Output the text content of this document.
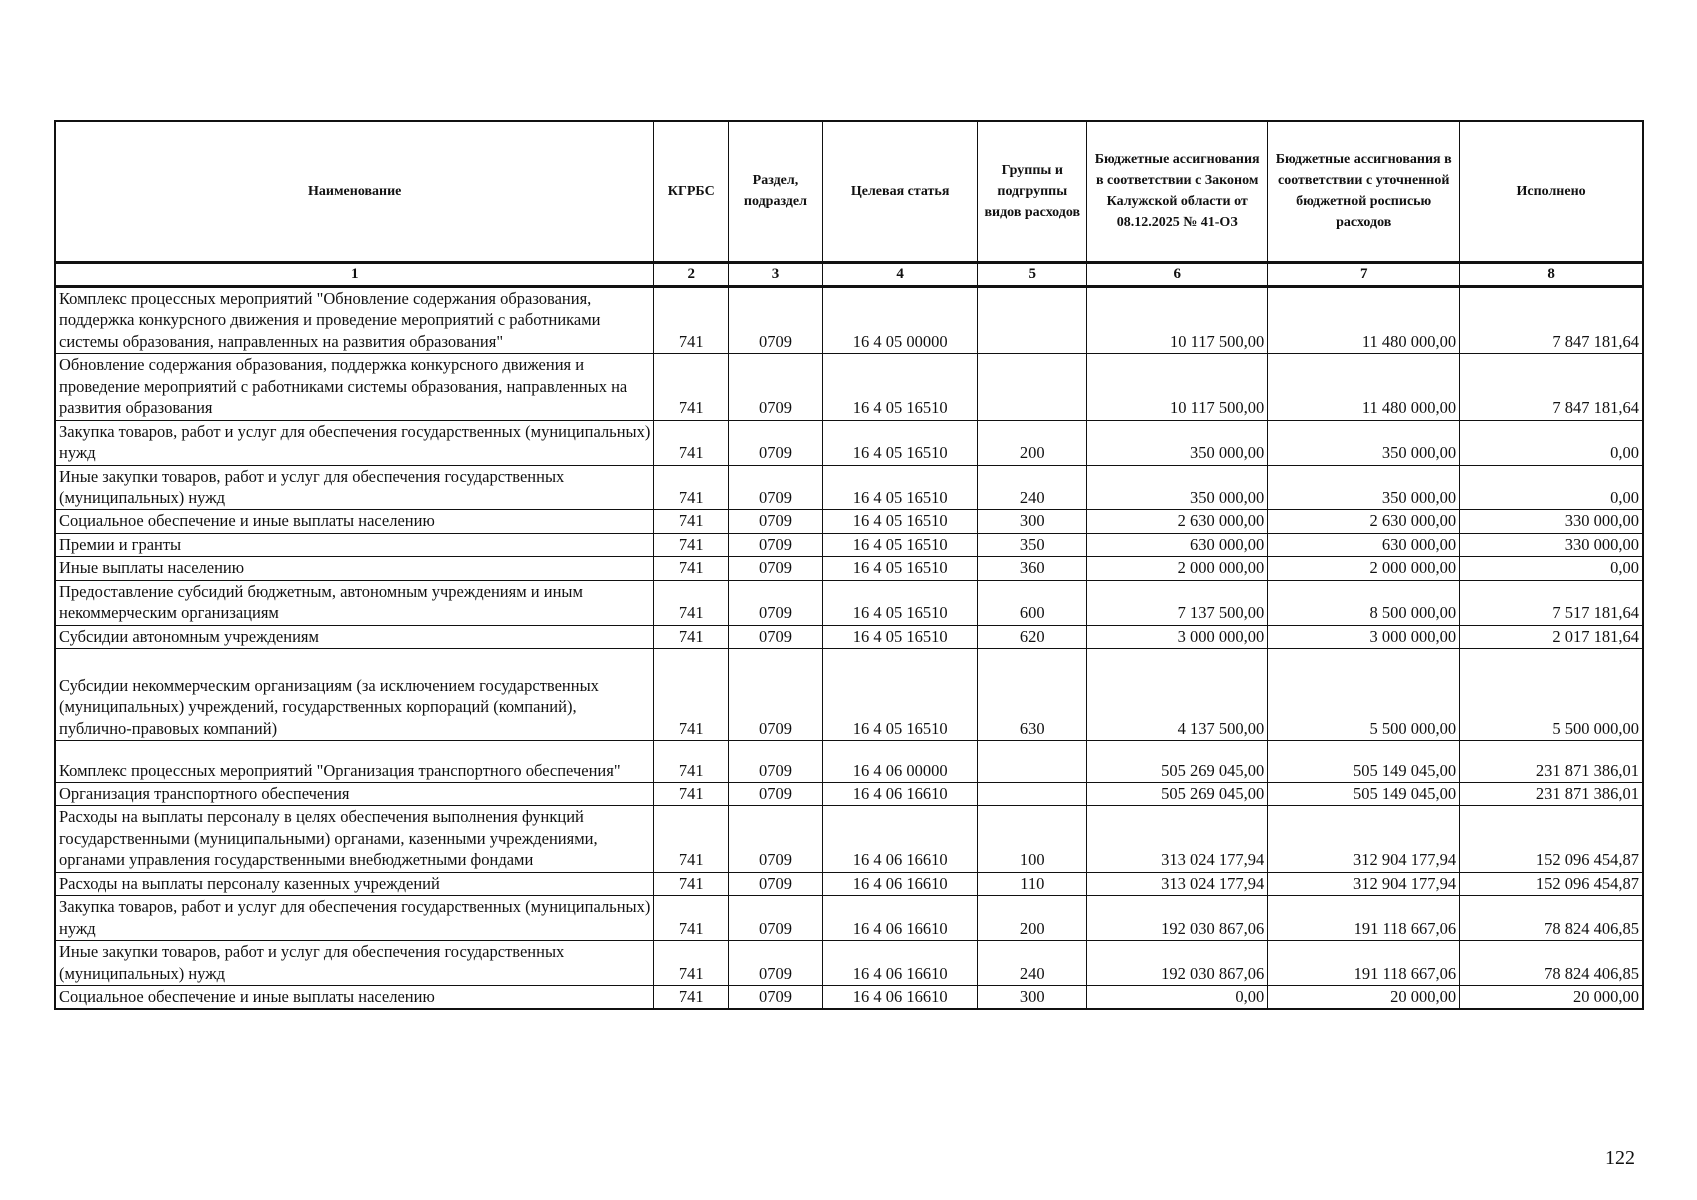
Наименование	КГРБС	Раздел, подраздел	Целевая статья	Группы и подгруппы видов расходов	Бюджетные ассигнования в соответствии с Законом Калужской области от 08.12.2025 № 41-ОЗ	Бюджетные ассигнования в соответствии с уточненной бюджетной росписью расходов	Исполнено
1	2	3	4	5	6	7	8
Комплекс процессных мероприятий "Обновление содержания образования, поддержка конкурсного движения и проведение мероприятий с работниками системы образования, направленных на развития образования"	741	0709	16 4 05 00000		10 117 500,00	11 480 000,00	7 847 181,64
Обновление содержания образования, поддержка конкурсного движения и проведение мероприятий с работниками системы образования, направленных на развития образования	741	0709	16 4 05 16510		10 117 500,00	11 480 000,00	7 847 181,64
Закупка товаров, работ и услуг для обеспечения государственных (муниципальных) нужд	741	0709	16 4 05 16510	200	350 000,00	350 000,00	0,00
Иные закупки товаров, работ и услуг для обеспечения государственных (муниципальных) нужд	741	0709	16 4 05 16510	240	350 000,00	350 000,00	0,00
Социальное обеспечение и иные выплаты населению	741	0709	16 4 05 16510	300	2 630 000,00	2 630 000,00	330 000,00
Премии и гранты	741	0709	16 4 05 16510	350	630 000,00	630 000,00	330 000,00
Иные выплаты населению	741	0709	16 4 05 16510	360	2 000 000,00	2 000 000,00	0,00
Предоставление субсидий бюджетным, автономным учреждениям и иным некоммерческим организациям	741	0709	16 4 05 16510	600	7 137 500,00	8 500 000,00	7 517 181,64
Субсидии автономным учреждениям	741	0709	16 4 05 16510	620	3 000 000,00	3 000 000,00	2 017 181,64
Субсидии некоммерческим организациям (за исключением государственных (муниципальных) учреждений, государственных корпораций (компаний), публично-правовых компаний)	741	0709	16 4 05 16510	630	4 137 500,00	5 500 000,00	5 500 000,00
Комплекс процессных мероприятий "Организация транспортного обеспечения"	741	0709	16 4 06 00000		505 269 045,00	505 149 045,00	231 871 386,01
Организация транспортного обеспечения	741	0709	16 4 06 16610		505 269 045,00	505 149 045,00	231 871 386,01
Расходы на выплаты персоналу в целях обеспечения выполнения функций государственными (муниципальными) органами, казенными учреждениями, органами управления государственными внебюджетными фондами	741	0709	16 4 06 16610	100	313 024 177,94	312 904 177,94	152 096 454,87
Расходы на выплаты персоналу казенных учреждений	741	0709	16 4 06 16610	110	313 024 177,94	312 904 177,94	152 096 454,87
Закупка товаров, работ и услуг для обеспечения государственных (муниципальных) нужд	741	0709	16 4 06 16610	200	192 030 867,06	191 118 667,06	78 824 406,85
Иные закупки товаров, работ и услуг для обеспечения государственных (муниципальных) нужд	741	0709	16 4 06 16610	240	192 030 867,06	191 118 667,06	78 824 406,85
Социальное обеспечение и иные выплаты населению	741	0709	16 4 06 16610	300	0,00	20 000,00	20 000,00
122
